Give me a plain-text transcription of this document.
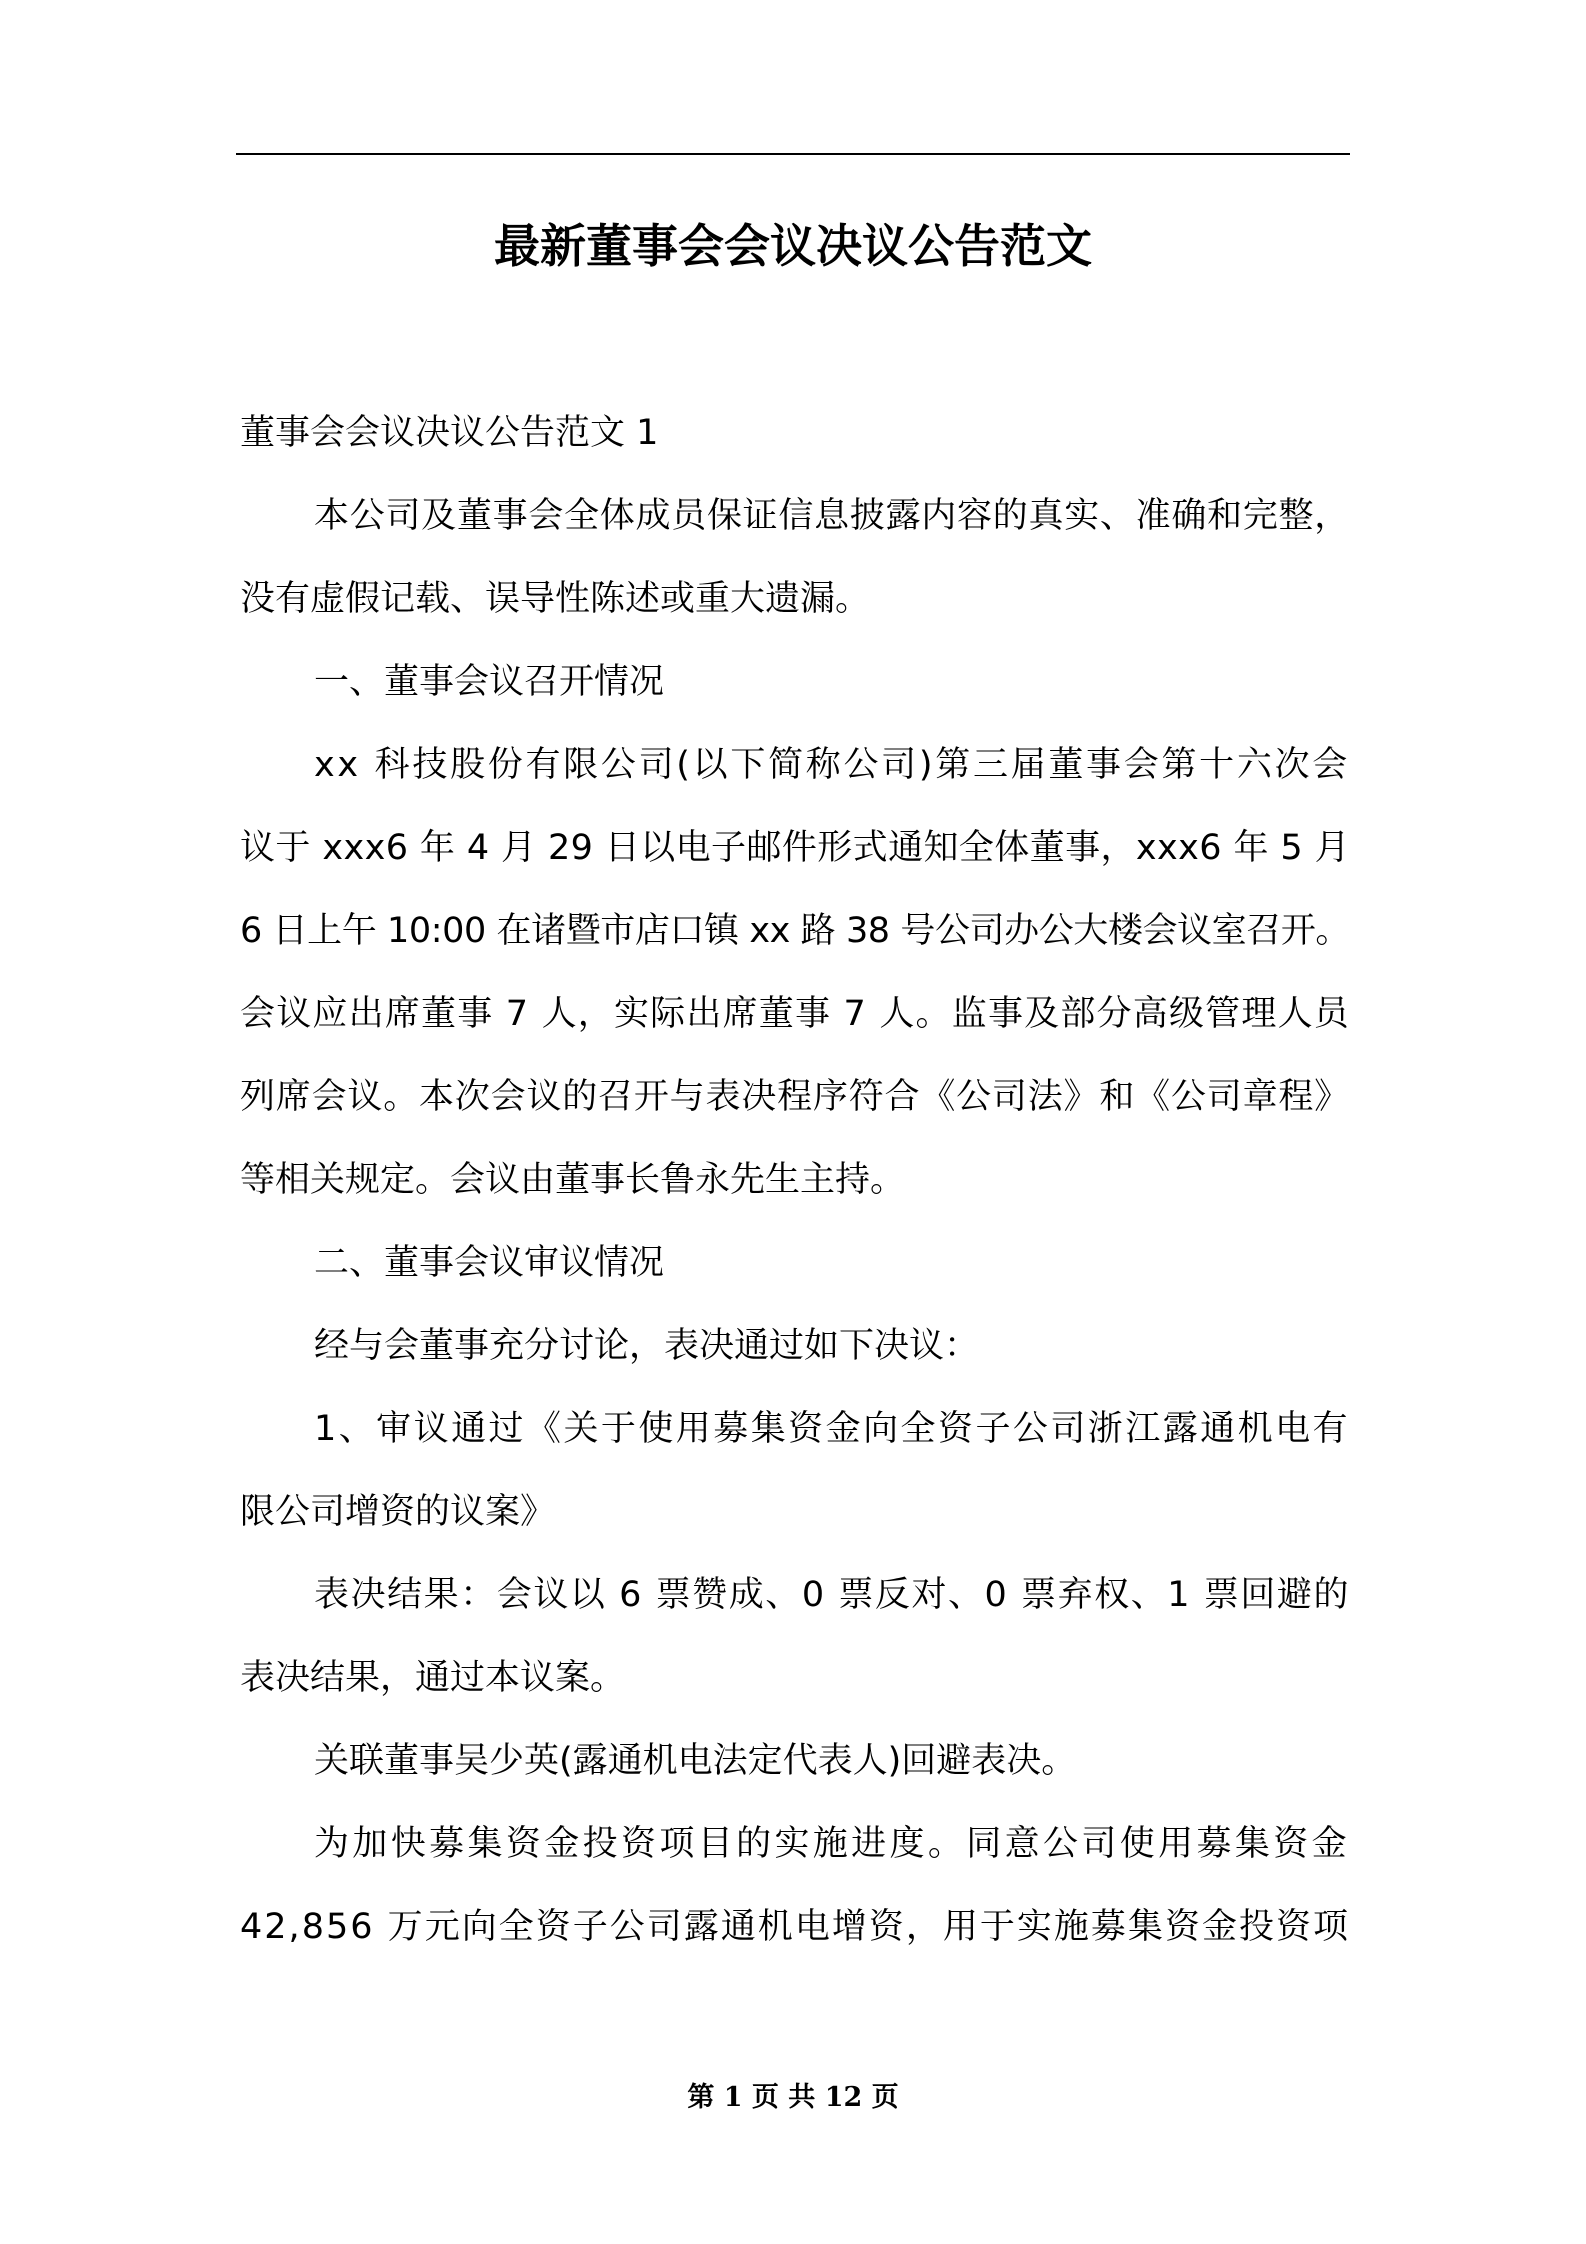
最新董事会会议决议公告范文
董事会会议决议公告范文 1
本公司及董事会全体成员保证信息披露内容的真实、准确和完整，
没有虚假记载、误导性陈述或重大遗漏。
一、董事会议召开情况
xx 科技股份有限公司(以下简称公司)第三届董事会第十六次会
议于 xxx6 年 4 月 29 日以电子邮件形式通知全体董事，xxx6 年 5 月
6 日上午 10:00 在诸暨市店口镇 xx 路 38 号公司办公大楼会议室召开。
会议应出席董事 7 人，实际出席董事 7 人。监事及部分高级管理人员
列席会议。本次会议的召开与表决程序符合《公司法》和《公司章程》
等相关规定。会议由董事长鲁永先生主持。
二、董事会议审议情况
经与会董事充分讨论，表决通过如下决议：
1、审议通过《关于使用募集资金向全资子公司浙江露通机电有
限公司增资的议案》
表决结果：会议以 6 票赞成、0 票反对、0 票弃权、1 票回避的
表决结果，通过本议案。
关联董事吴少英(露通机电法定代表人)回避表决。
为加快募集资金投资项目的实施进度。同意公司使用募集资金
42,856 万元向全资子公司露通机电增资，用于实施募集资金投资项
第 1 页 共 12 页
